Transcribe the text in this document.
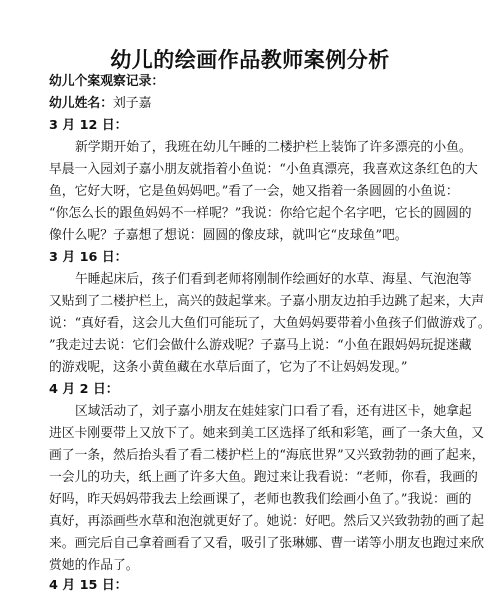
幼儿的绘画作品教师案例分析
幼儿个案观察记录：
幼儿姓名：刘子嘉
3 月 12 日：
新学期开始了，我班在幼儿午睡的二楼护栏上装饰了许多漂亮的小鱼。
早晨一入园刘子嘉小朋友就指着小鱼说：“小鱼真漂亮，我喜欢这条红色的大
鱼，它好大呀，它是鱼妈妈吧。”看了一会，她又指着一条圆圆的小鱼说：
“你怎么长的跟鱼妈妈不一样呢？”我说：你给它起个名字吧，它长的圆圆的
像什么呢？子嘉想了想说：圆圆的像皮球，就叫它“皮球鱼”吧。
3 月 16 日：
午睡起床后，孩子们看到老师将刚制作绘画好的水草、海星、气泡泡等
又贴到了二楼护栏上，高兴的鼓起掌来。子嘉小朋友边拍手边跳了起来，大声
说：“真好看，这会儿大鱼们可能玩了，大鱼妈妈要带着小鱼孩子们做游戏了。
”我走过去说：它们会做什么游戏呢？子嘉马上说：“小鱼在跟妈妈玩捉迷藏
的游戏呢，这条小黄鱼藏在水草后面了，它为了不让妈妈发现。”
4 月 2 日：
区域活动了，刘子嘉小朋友在娃娃家门口看了看，还有进区卡，她拿起
进区卡刚要带上又放下了。她来到美工区选择了纸和彩笔，画了一条大鱼，又
画了一条，然后抬头看了看二楼护栏上的“海底世界”又兴致勃勃的画了起来，
一会儿的功夫，纸上画了许多大鱼。跑过来让我看说：“老师，你看，我画的
好吗，昨天妈妈带我去上绘画课了，老师也教我们绘画小鱼了。”我说：画的
真好，再添画些水草和泡泡就更好了。她说：好吧。然后又兴致勃勃的画了起
来。画完后自己拿着画看了又看，吸引了张琳娜、曹一诺等小朋友也跑过来欣
赏她的作品了。
4 月 15 日：
